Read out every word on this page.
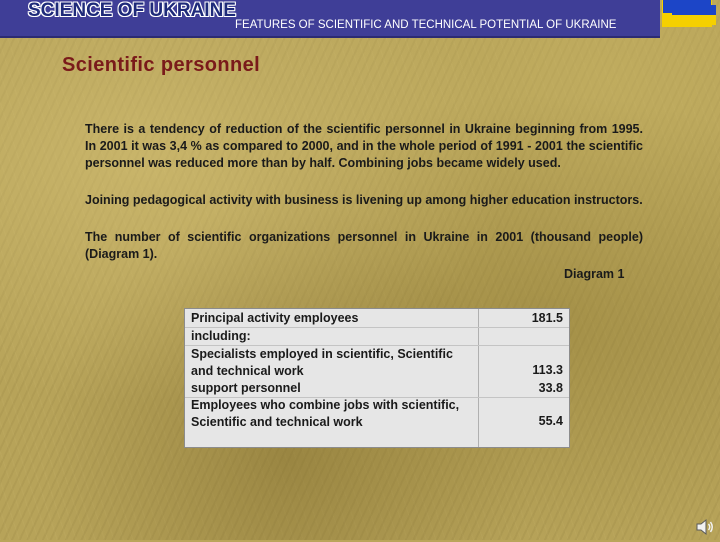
SCIENCE OF UKRAINE
FEATURES OF SCIENTIFIC AND TECHNICAL POTENTIAL OF UKRAINE
Scientific personnel

There is a tendency of reduction of the scientific personnel in Ukraine beginning from 1995. In 2001 it was 3,4 % as compared to 2000, and in the whole period of 1991 - 2001 the scientific personnel was reduced more than by half. Combining jobs became widely used.

Joining pedagogical activity with business is livening up among higher education instructors.

The number of scientific organizations personnel in Ukraine in 2001 (thousand people) (Diagram 1).

Diagram 1
Principal activity employees	181.5
including:
Specialists employed in scientific, Scientific and technical work	113.3
support personnel	33.8
Employees who combine jobs with scientific, Scientific and technical work	55.4
